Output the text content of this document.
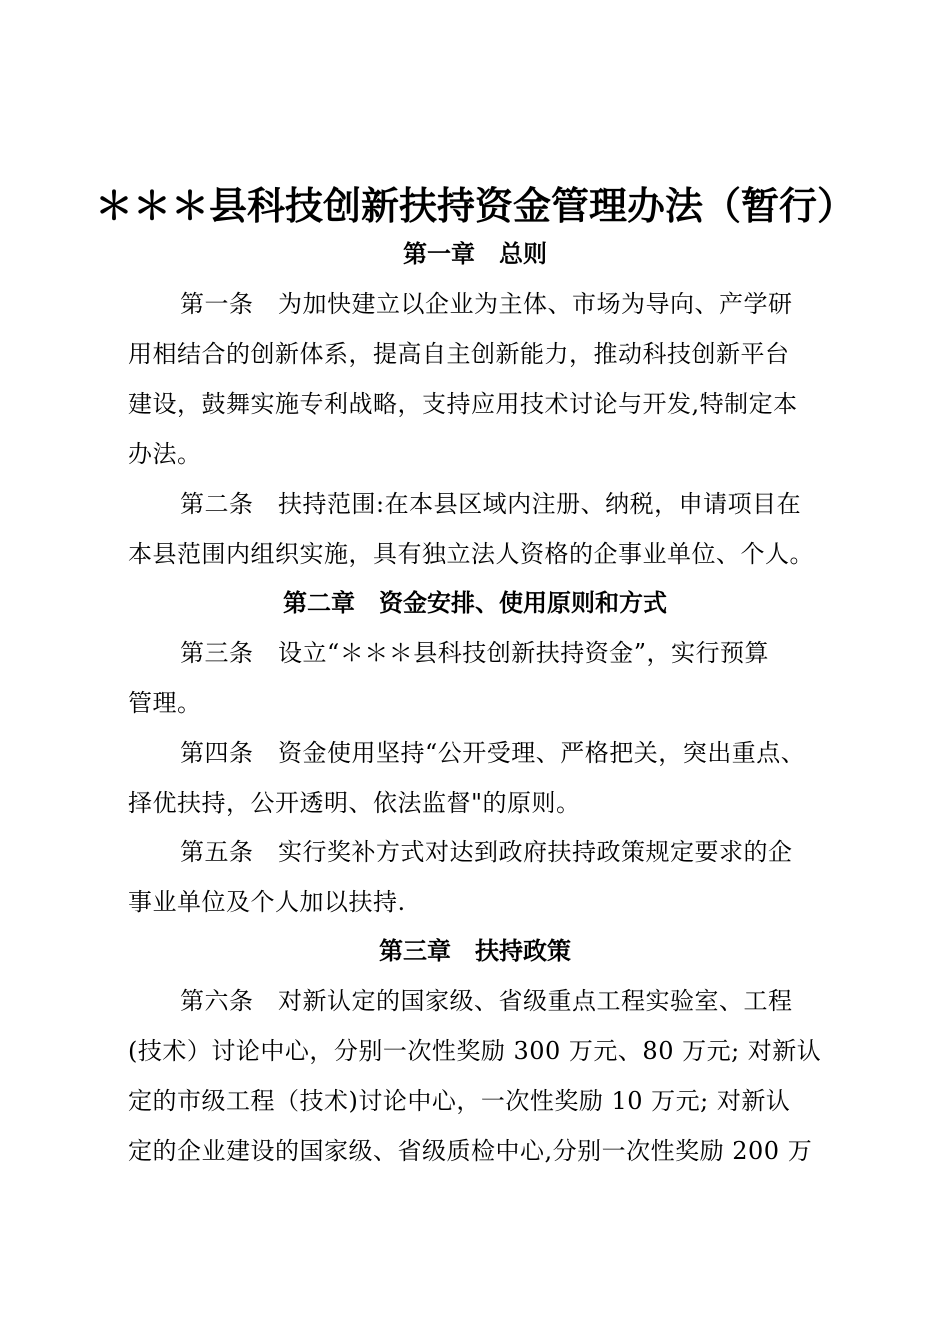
＊＊＊县科技创新扶持资金管理办法（暂行）
第一章　总则
第一条　为加快建立以企业为主体、市场为导向、产学研
用相结合的创新体系，提高自主创新能力，推动科技创新平台
建设，鼓舞实施专利战略，支持应用技术讨论与开发,特制定本
办法。
第二条　扶持范围:在本县区域内注册、纳税，申请项目在
本县范围内组织实施，具有独立法人资格的企事业单位、个人。
第二章　资金安排、使用原则和方式
第三条　设立“＊＊＊县科技创新扶持资金”，实行预算
管理。
第四条　资金使用坚持“公开受理、严格把关，突出重点、
择优扶持，公开透明、依法监督"的原则。
第五条　实行奖补方式对达到政府扶持政策规定要求的企
事业单位及个人加以扶持.
第三章　扶持政策
第六条　对新认定的国家级、省级重点工程实验室、工程
(技术）讨论中心，分别一次性奖励 300 万元、80 万元; 对新认
定的市级工程（技术)讨论中心，一次性奖励 10 万元; 对新认
定的企业建设的国家级、省级质检中心,分别一次性奖励 200 万
